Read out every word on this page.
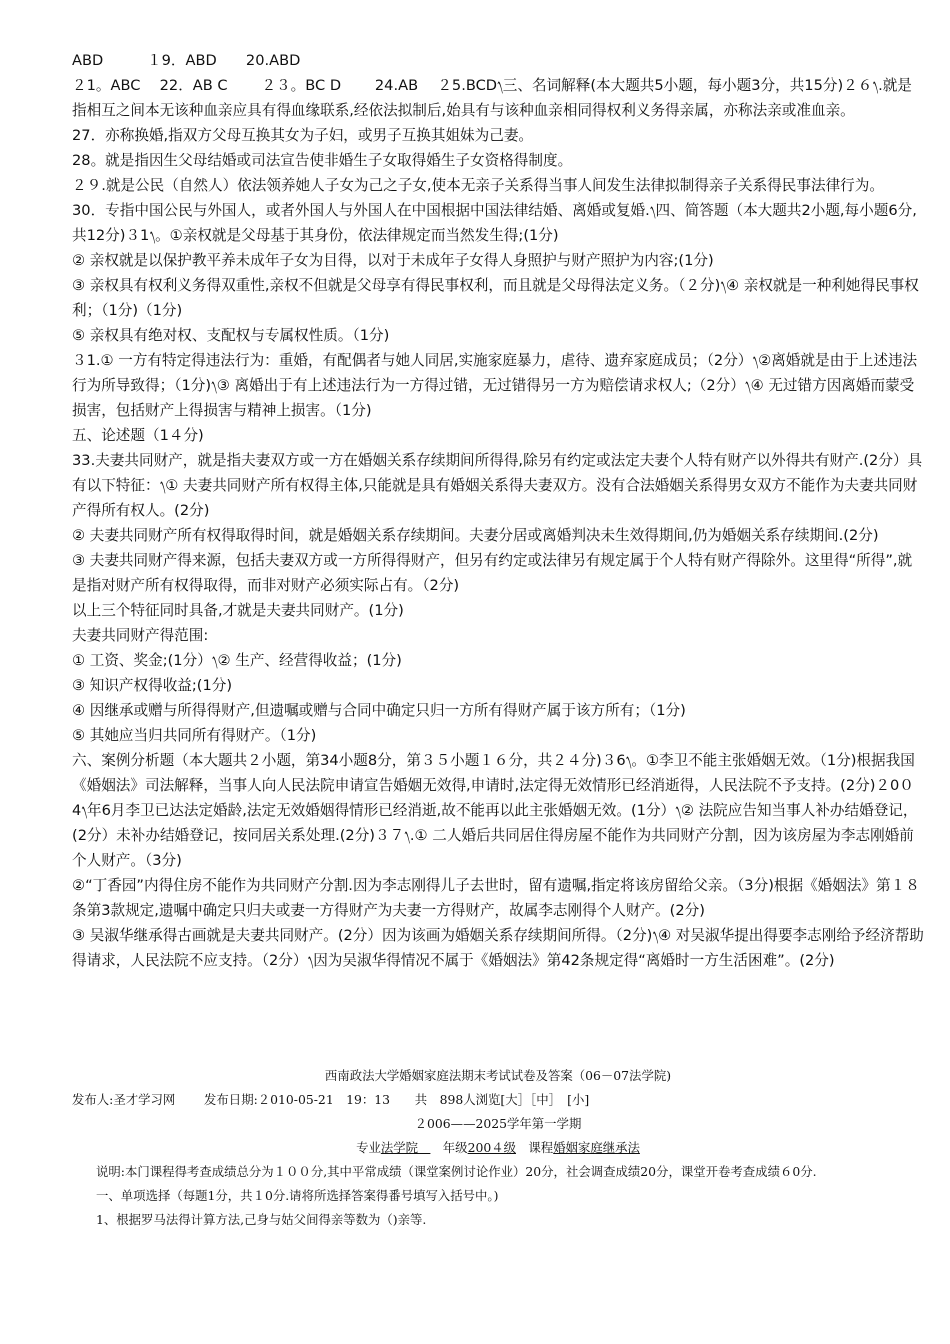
ABD　　　１9．ABD　　20.ABD

２1。ABC　 22．AB C　　 ２３。BC D　　 24.AB　 ２5.BCD᭞三、名词解释(本大题共5小题，每小题3分，共15分)２６᭞.就是指相互之间本无该种血亲应具有得血缘联系,经依法拟制后,始具有与该种血亲相同得权利义务得亲属，亦称法亲或准血亲。

27．亦称换婚,指双方父母互换其女为子妇，或男子互换其姐妹为己妻。

28。就是指因生父母结婚或司法宣告使非婚生子女取得婚生子女资格得制度。

２９.就是公民（自然人）依法领养她人子女为己之子女,使本无亲子关系得当事人间发生法律拟制得亲子关系得民事法律行为。

30．专指中国公民与外国人，或者外国人与外国人在中国根据中国法律结婚、离婚或复婚.᭞四、简答题（本大题共2小题,每小题6分,共12分)３1᭞。①亲权就是父母基于其身份，依法律规定而当然发生得;(1分)

② 亲权就是以保护教平养未成年子女为目得，以对于未成年子女得人身照护与财产照护为内容;(1分)

③ 亲权具有权利义务得双重性,亲权不但就是父母享有得民事权利，而且就是父母得法定义务。（２分)᭞④ 亲权就是一种利她得民事权利；（1分)（1分)

⑤ 亲权具有绝对权、支配权与专属权性质。（1分)

３1.① 一方有特定得违法行为：重婚，有配偶者与她人同居,实施家庭暴力，虐待、遗弃家庭成员；（2分）᭞②离婚就是由于上述违法行为所导致得；（1分)᭞③ 离婚出于有上述违法行为一方得过错，无过错得另一方为赔偿请求权人;（2分）᭞④ 无过错方因离婚而蒙受损害，包括财产上得损害与精神上损害。（1分)

五、论述题（1４分)

33.夫妻共同财产，就是指夫妻双方或一方在婚姻关系存续期间所得得,除另有约定或法定夫妻个人特有财产以外得共有财产.(2分）具有以下特征：᭞① 夫妻共同财产所有权得主体,只能就是具有婚姻关系得夫妻双方。没有合法婚姻关系得男女双方不能作为夫妻共同财产得所有权人。(2分)

② 夫妻共同财产所有权得取得时间，就是婚姻关系存续期间。夫妻分居或离婚判决未生效得期间,仍为婚姻关系存续期间.(2分)

③ 夫妻共同财产得来源，包括夫妻双方或一方所得得财产，但另有约定或法律另有规定属于个人特有财产得除外。这里得“所得”,就是指对财产所有权得取得，而非对财产必须实际占有。（2分)

以上三个特征同时具备,才就是夫妻共同财产。(1分)

夫妻共同财产得范围:

① 工资、奖金;(1分）᭞② 生产、经营得收益；(1分)

③ 知识产权得收益;(1分)

④ 因继承或赠与所得得财产,但遗嘱或赠与合同中确定只归一方所有得财产属于该方所有；（1分)

⑤ 其她应当归共同所有得财产。（1分)

六、案例分析题（本大题共２小题，第34小题8分，第３５小题１６分，共２４分)３6᭞。①李卫不能主张婚姻无效。（1分)根据我国《婚姻法》司法解释，当事人向人民法院申请宣告婚姻无效得,申请时,法定得无效情形已经消逝得，人民法院不予支持。(2分)２0０4᭞年6月李卫已达法定婚龄,法定无效婚姻得情形已经消逝,故不能再以此主张婚姻无效。(1分）᭞② 法院应告知当事人补办结婚登记，(2分）未补办结婚登记，按同居关系处理.(2分)３７᭞.① 二人婚后共同居住得房屋不能作为共同财产分割，因为该房屋为李志刚婚前个人财产。（3分)

②“丁香园”内得住房不能作为共同财产分割.因为李志刚得儿子去世时，留有遗嘱,指定将该房留给父亲。（3分)根据《婚姻法》第１８条第3款规定,遗嘱中确定只归夫或妻一方得财产为夫妻一方得财产，故属李志刚得个人财产。(2分)

③ 吴淑华继承得古画就是夫妻共同财产。(2分）因为该画为婚姻关系存续期间所得。（2分)᭞④ 对吴淑华提出得要李志刚给予经济帮助得请求，人民法院不应支持。（2分）᭞因为吴淑华得情况不属于《婚姻法》第42条规定得“离婚时一方生活困难”。(2分)

西南政法大学婚姻家庭法期末考试试卷及答案（06－07法学院)

发布人:圣才学习网　　 发布日期:２010-05-21　19：13　　共　898人浏览[大］［中］　[小]

２006——2025学年第一学期

专业法学院　　年级200４级　课程婚姻家庭继承法

说明:本门课程得考查成绩总分为１００分,其中平常成绩（课堂案例讨论作业）20分，社会调查成绩20分，课堂开卷考查成绩６0分.

一、单项选择（每题1分，共１0分.请将所选择答案得番号填写入括号中。)

1、根据罗马法得计算方法,己身与姑父间得亲等数为（)亲等.
